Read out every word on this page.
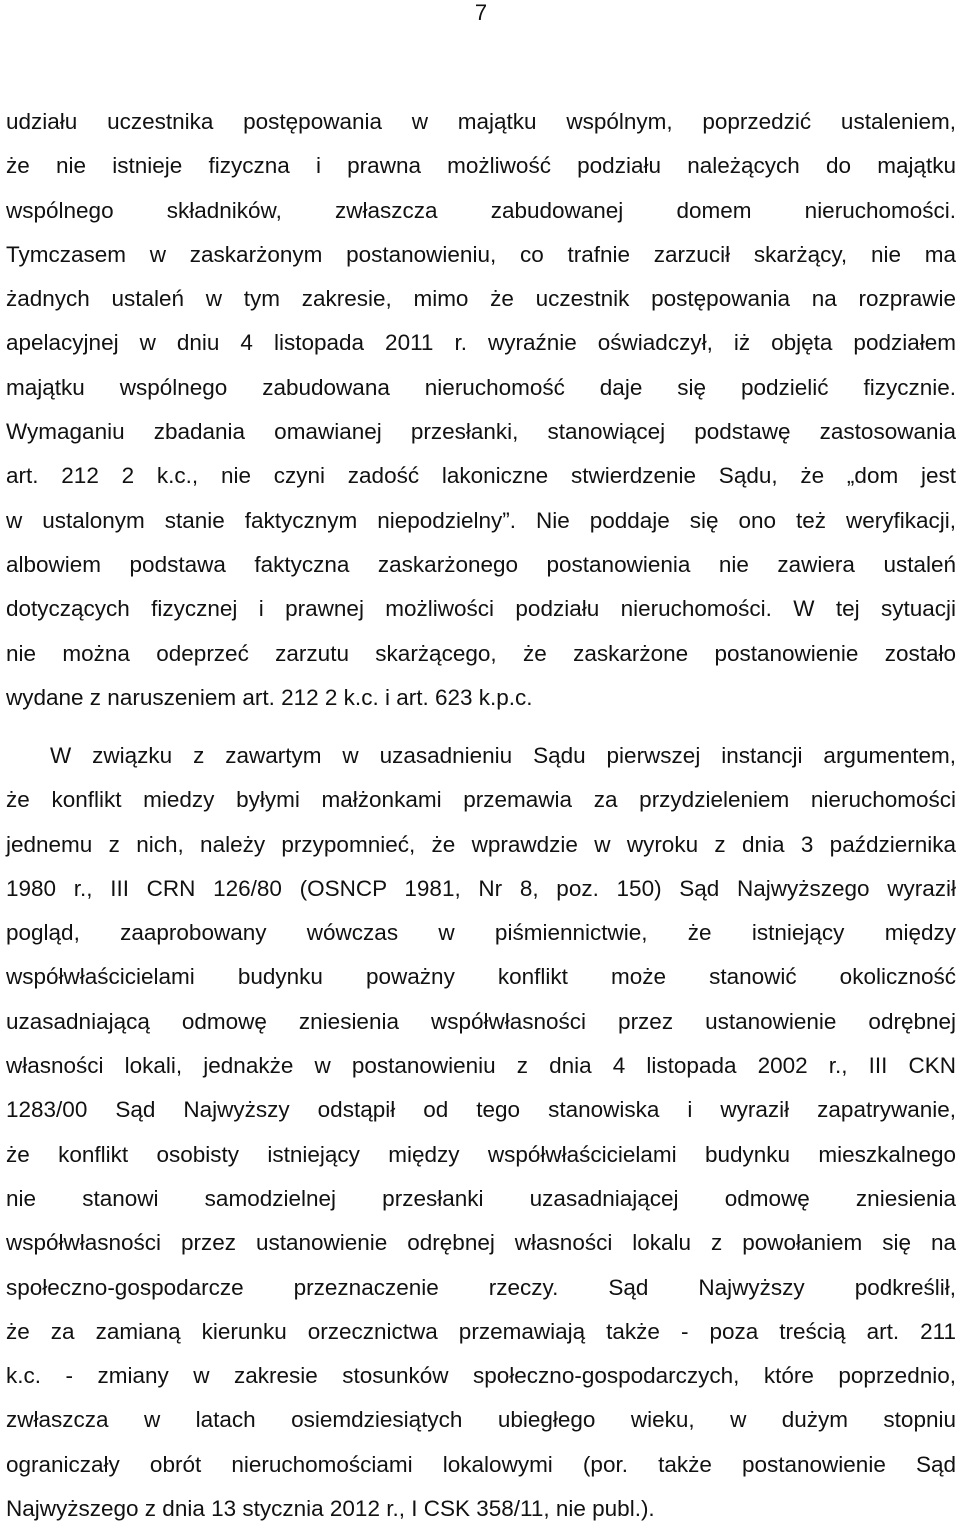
7
udziału uczestnika postępowania w majątku wspólnym, poprzedzić ustaleniem,
że nie istnieje fizyczna i prawna możliwość podziału należących do majątku
wspólnego składników, zwłaszcza zabudowanej domem nieruchomości.
Tymczasem w zaskarżonym postanowieniu, co trafnie zarzucił skarżący, nie ma
żadnych ustaleń w tym zakresie, mimo że uczestnik postępowania na rozprawie
apelacyjnej w dniu 4 listopada 2011 r. wyraźnie oświadczył, iż objęta podziałem
majątku wspólnego zabudowana nieruchomość daje się podzielić fizycznie.
Wymaganiu zbadania omawianej przesłanki, stanowiącej podstawę zastosowania
art. 212 2 k.c., nie czyni zadość lakoniczne stwierdzenie Sądu, że „dom jest
w ustalonym stanie faktycznym niepodzielny”. Nie poddaje się ono też weryfikacji,
albowiem podstawa faktyczna zaskarżonego postanowienia nie zawiera ustaleń
dotyczących fizycznej i prawnej możliwości podziału nieruchomości. W tej sytuacji
nie można odeprzeć zarzutu skarżącego, że zaskarżone postanowienie zostało
wydane z naruszeniem art. 212 2 k.c. i art. 623 k.p.c.
W związku z zawartym w uzasadnieniu Sądu pierwszej instancji argumentem,
że konflikt miedzy byłymi małżonkami przemawia za przydzieleniem nieruchomości
jednemu z nich, należy przypomnieć, że wprawdzie w wyroku z dnia 3 października
1980 r., III CRN 126/80 (OSNCP 1981, Nr 8, poz. 150) Sąd Najwyższego wyraził
pogląd, zaaprobowany wówczas w piśmiennictwie, że istniejący między
współwłaścicielami budynku poważny konflikt może stanowić okoliczność
uzasadniającą odmowę zniesienia współwłasności przez ustanowienie odrębnej
własności lokali, jednakże w postanowieniu z dnia 4 listopada 2002 r., III CKN
1283/00 Sąd Najwyższy odstąpił od tego stanowiska i wyraził zapatrywanie,
że konflikt osobisty istniejący między współwłaścicielami budynku mieszkalnego
nie stanowi samodzielnej przesłanki uzasadniającej odmowę zniesienia
współwłasności przez ustanowienie odrębnej własności lokalu z powołaniem się na
społeczno-gospodarcze przeznaczenie rzeczy. Sąd Najwyższy podkreślił,
że za zamianą kierunku orzecznictwa przemawiają także - poza treścią art. 211
k.c. - zmiany w zakresie stosunków społeczno-gospodarczych, które poprzednio,
zwłaszcza w latach osiemdziesiątych ubiegłego wieku, w dużym stopniu
ograniczały obrót nieruchomościami lokalowymi (por. także postanowienie Sąd
Najwyższego z dnia 13 stycznia 2012 r., I CSK 358/11, nie publ.).
